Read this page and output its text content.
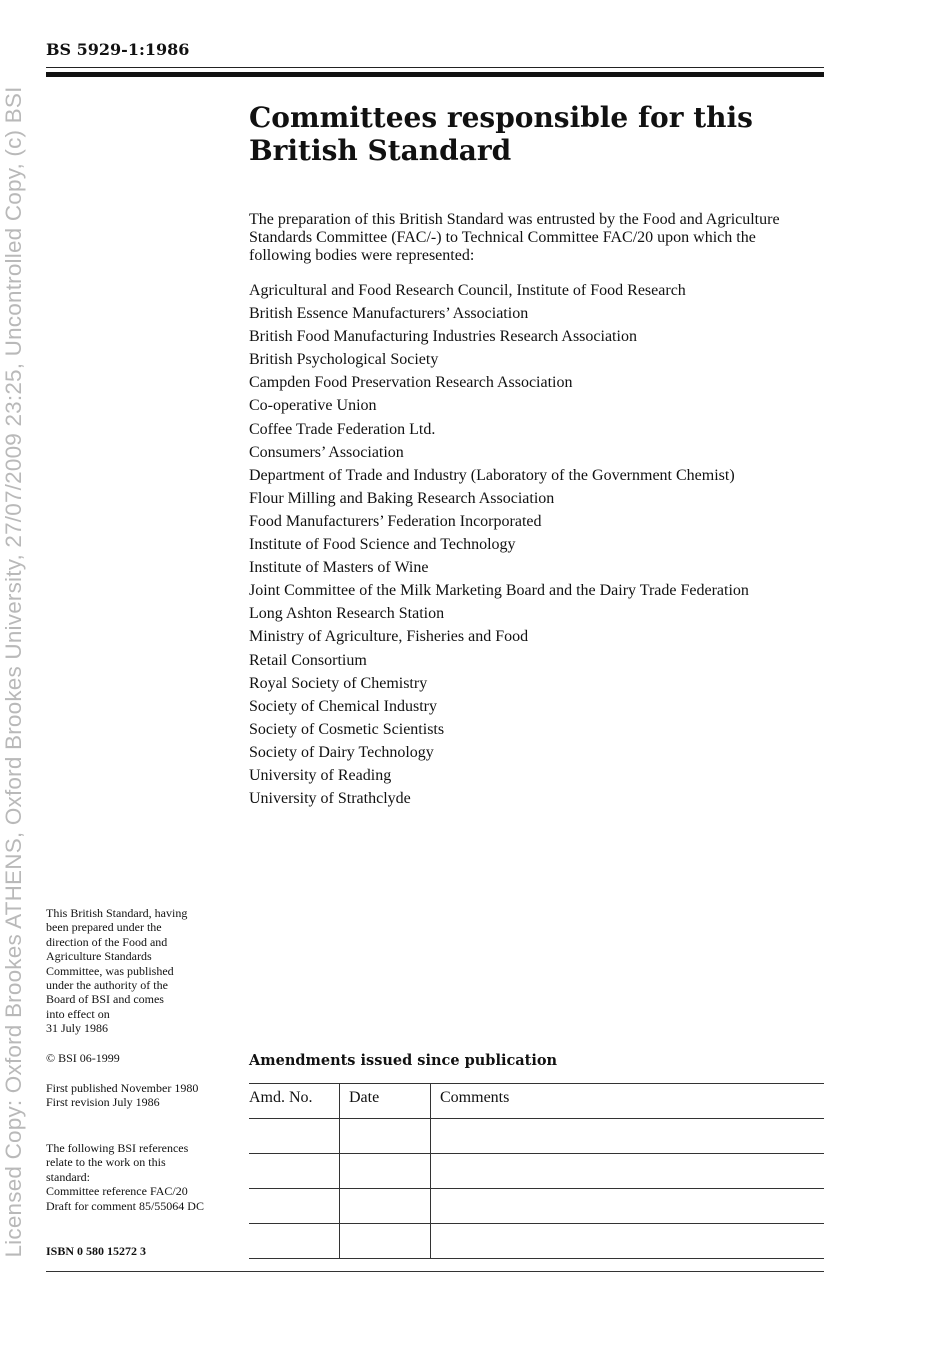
Licensed Copy: Oxford Brookes ATHENS, Oxford Brookes University, 27/07/2009 23:25, Uncontrolled Copy, (c) BSI
BS 5929-1:1986
Committees responsible for this British Standard
The preparation of this British Standard was entrusted by the Food and Agriculture Standards Committee (FAC/-) to Technical Committee FAC/20 upon which the following bodies were represented:
Agricultural and Food Research Council, Institute of Food Research
British Essence Manufacturers’ Association
British Food Manufacturing Industries Research Association
British Psychological Society
Campden Food Preservation Research Association
Co-operative Union
Coffee Trade Federation Ltd.
Consumers’ Association
Department of Trade and Industry (Laboratory of the Government Chemist)
Flour Milling and Baking Research Association
Food Manufacturers’ Federation Incorporated
Institute of Food Science and Technology
Institute of Masters of Wine
Joint Committee of the Milk Marketing Board and the Dairy Trade Federation
Long Ashton Research Station
Ministry of Agriculture, Fisheries and Food
Retail Consortium
Royal Society of Chemistry
Society of Chemical Industry
Society of Cosmetic Scientists
Society of Dairy Technology
University of Reading
University of Strathclyde
This British Standard, having
been prepared under the
direction of the Food and
Agriculture Standards
Committee, was published
under the authority of the
Board of BSI and comes
into effect on
31 July 1986
© BSI 06-1999
First published November 1980
First revision July 1986
The following BSI references
relate to the work on this
standard:
Committee reference FAC/20
Draft for comment 85/55064 DC
ISBN 0 580 15272 3
Amendments issued since publication
Amd. No.	Date	Comments
